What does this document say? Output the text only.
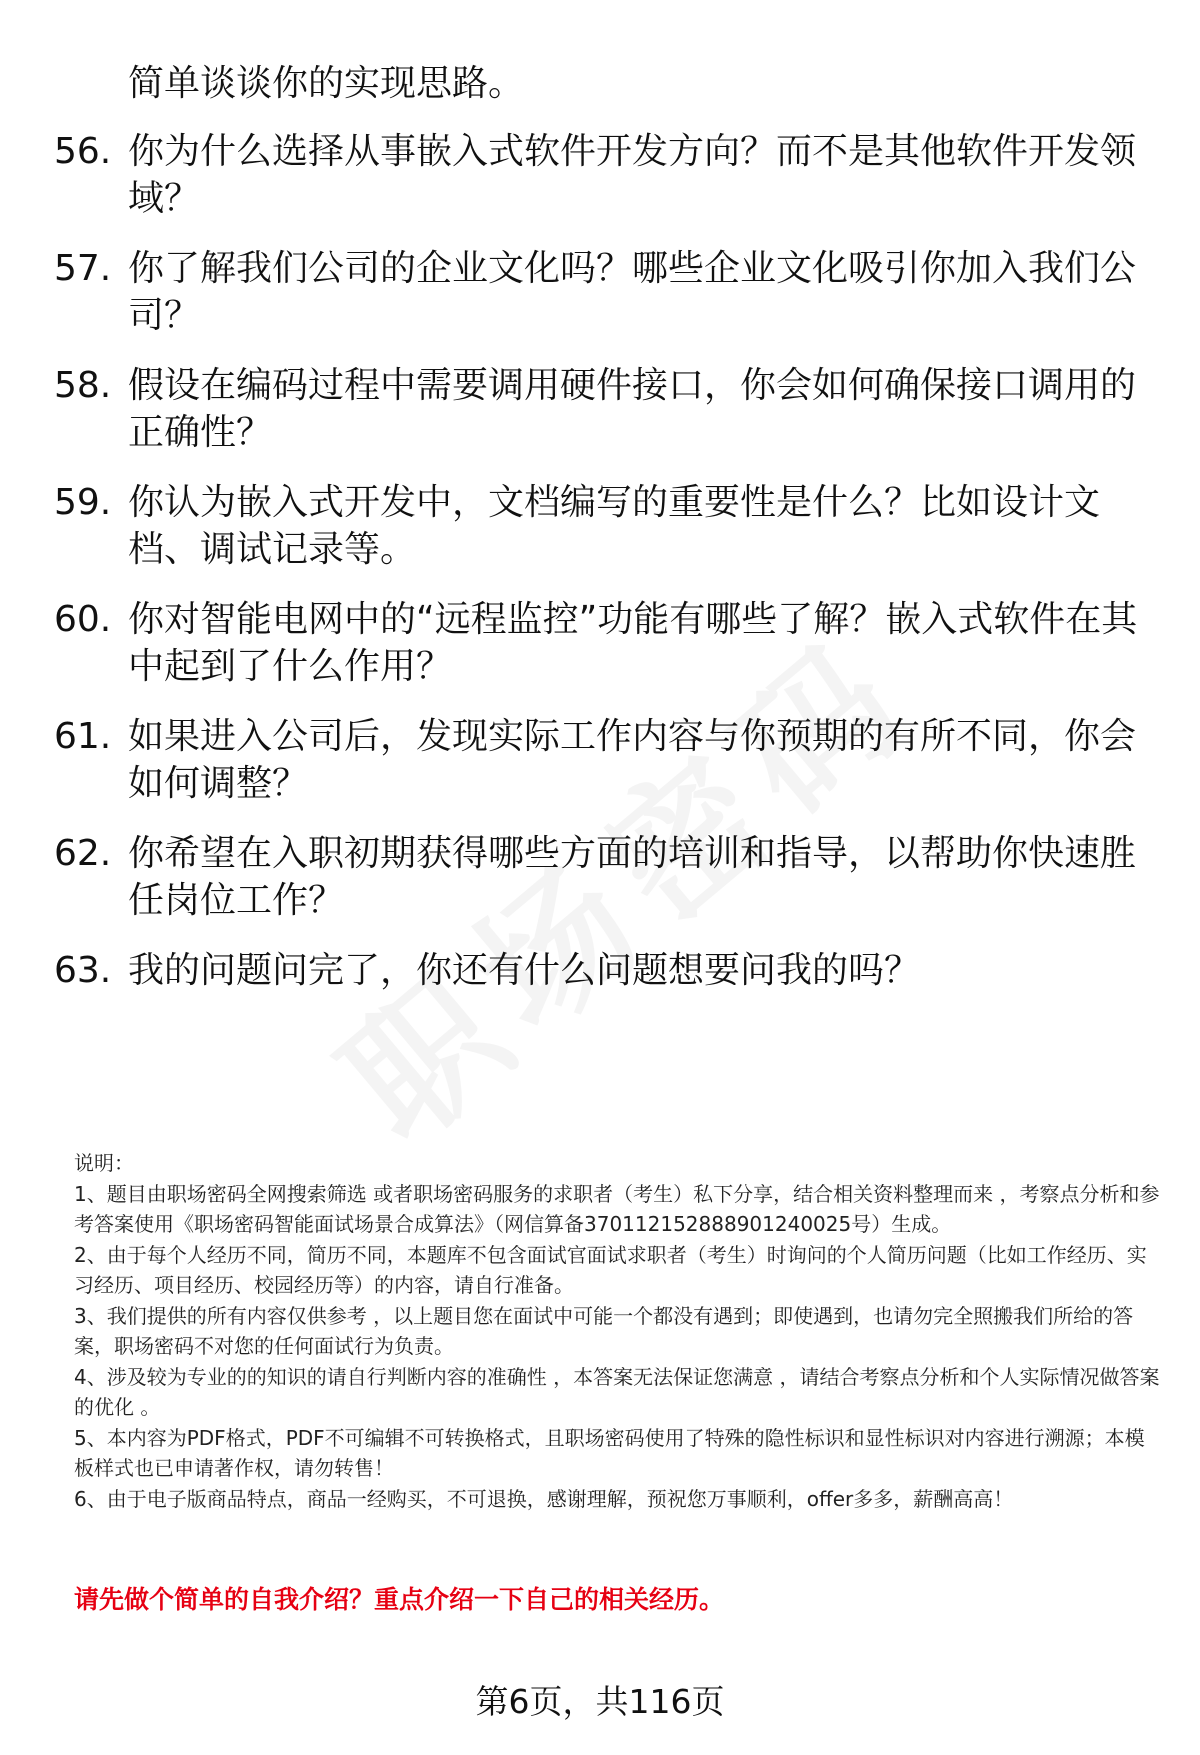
简单谈谈你的实现思路。
56. 你为什么选择从事嵌入式软件开发方向？而不是其他软件开发领域？
57. 你了解我们公司的企业文化吗？哪些企业文化吸引你加入我们公司？
58. 假设在编码过程中需要调用硬件接口，你会如何确保接口调用的正确性？
59. 你认为嵌入式开发中，文档编写的重要性是什么？比如设计文档、调试记录等。
60. 你对智能电网中的“远程监控”功能有哪些了解？嵌入式软件在其中起到了什么作用？
61. 如果进入公司后，发现实际工作内容与你预期的有所不同，你会如何调整？
62. 你希望在入职初期获得哪些方面的培训和指导，以帮助你快速胜任岗位工作？
63. 我的问题问完了，你还有什么问题想要问我的吗？

说明：

1、题目由职场密码全网搜索筛选 或者职场密码服务的求职者（考生）私下分享，结合相关资料整理而来 ，考察点分析和参考答案使用《职场密码智能面试场景合成算法》（网信算备370112152888901240025号）生成。

2、由于每个人经历不同，简历不同，本题库不包含面试官面试求职者（考生）时询问的个人简历问题（比如工作经历、实习经历、项目经历、校园经历等）的内容，请自行准备。

3、我们提供的所有内容仅供参考 ，以上题目您在面试中可能一个都没有遇到；即使遇到，也请勿完全照搬我们所给的答案，职场密码不对您的任何面试行为负责。

4、涉及较为专业的的知识的请自行判断内容的准确性 ，本答案无法保证您满意 ，请结合考察点分析和个人实际情况做答案的优化 。

5、本内容为PDF格式，PDF不可编辑不可转换格式，且职场密码使用了特殊的隐性标识和显性标识对内容进行溯源；本模板样式也已申请著作权，请勿转售！

6、由于电子版商品特点，商品一经购买，不可退换，感谢理解，预祝您万事顺利，offer多多，薪酬高高！

请先做个简单的自我介绍？重点介绍一下自己的相关经历。
第6页，共116页
